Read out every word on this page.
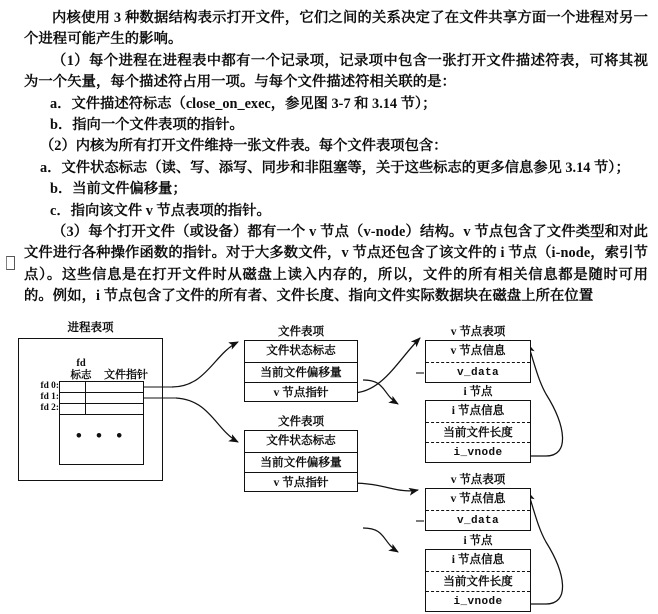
内核使用 3 种数据结构表示打开文件，它们之间的关系决定了在文件共享方面一个进程对另一个进程可能产生的影响。

（1）每个进程在进程表中都有一个记录项，记录项中包含一张打开文件描述符表，可将其视为一个矢量，每个描述符占用一项。与每个文件描述符相关联的是：

a．文件描述符标志（close_on_exec，参见图 3-7 和 3.14 节）；

b．指向一个文件表项的指针。

（2）内核为所有打开文件维持一张文件表。每个文件表项包含：

a．文件状态标志（读、写、添写、同步和非阻塞等，关于这些标志的更多信息参见 3.14 节）；

b．当前文件偏移量；

c．指向该文件 v 节点表项的指针。

（3）每个打开文件（或设备）都有一个 v 节点（v-node）结构。v 节点包含了文件类型和对此文件进行各种操作函数的指针。对于大多数文件，v 节点还包含了该文件的 i 节点（i-node，索引节点）。这些信息是在打开文件时从磁盘上读入内存的，所以，文件的所有相关信息都是随时可用的。例如，i 节点包含了文件的所有者、文件长度、指向文件实际数据块在磁盘上所在位置

进程表项
fd
标志	文件指针
fd 0:
fd 1:
fd 2:
• • •
文件表项
文件状态标志
当前文件偏移量
v 节点指针
文件表项
文件状态标志
当前文件偏移量
v 节点指针
v 节点表项
v 节点信息
v_data
i 节点
i 节点信息
当前文件长度
i_vnode
v 节点表项
v 节点信息
v_data
i 节点
i 节点信息
当前文件长度
i_vnode
